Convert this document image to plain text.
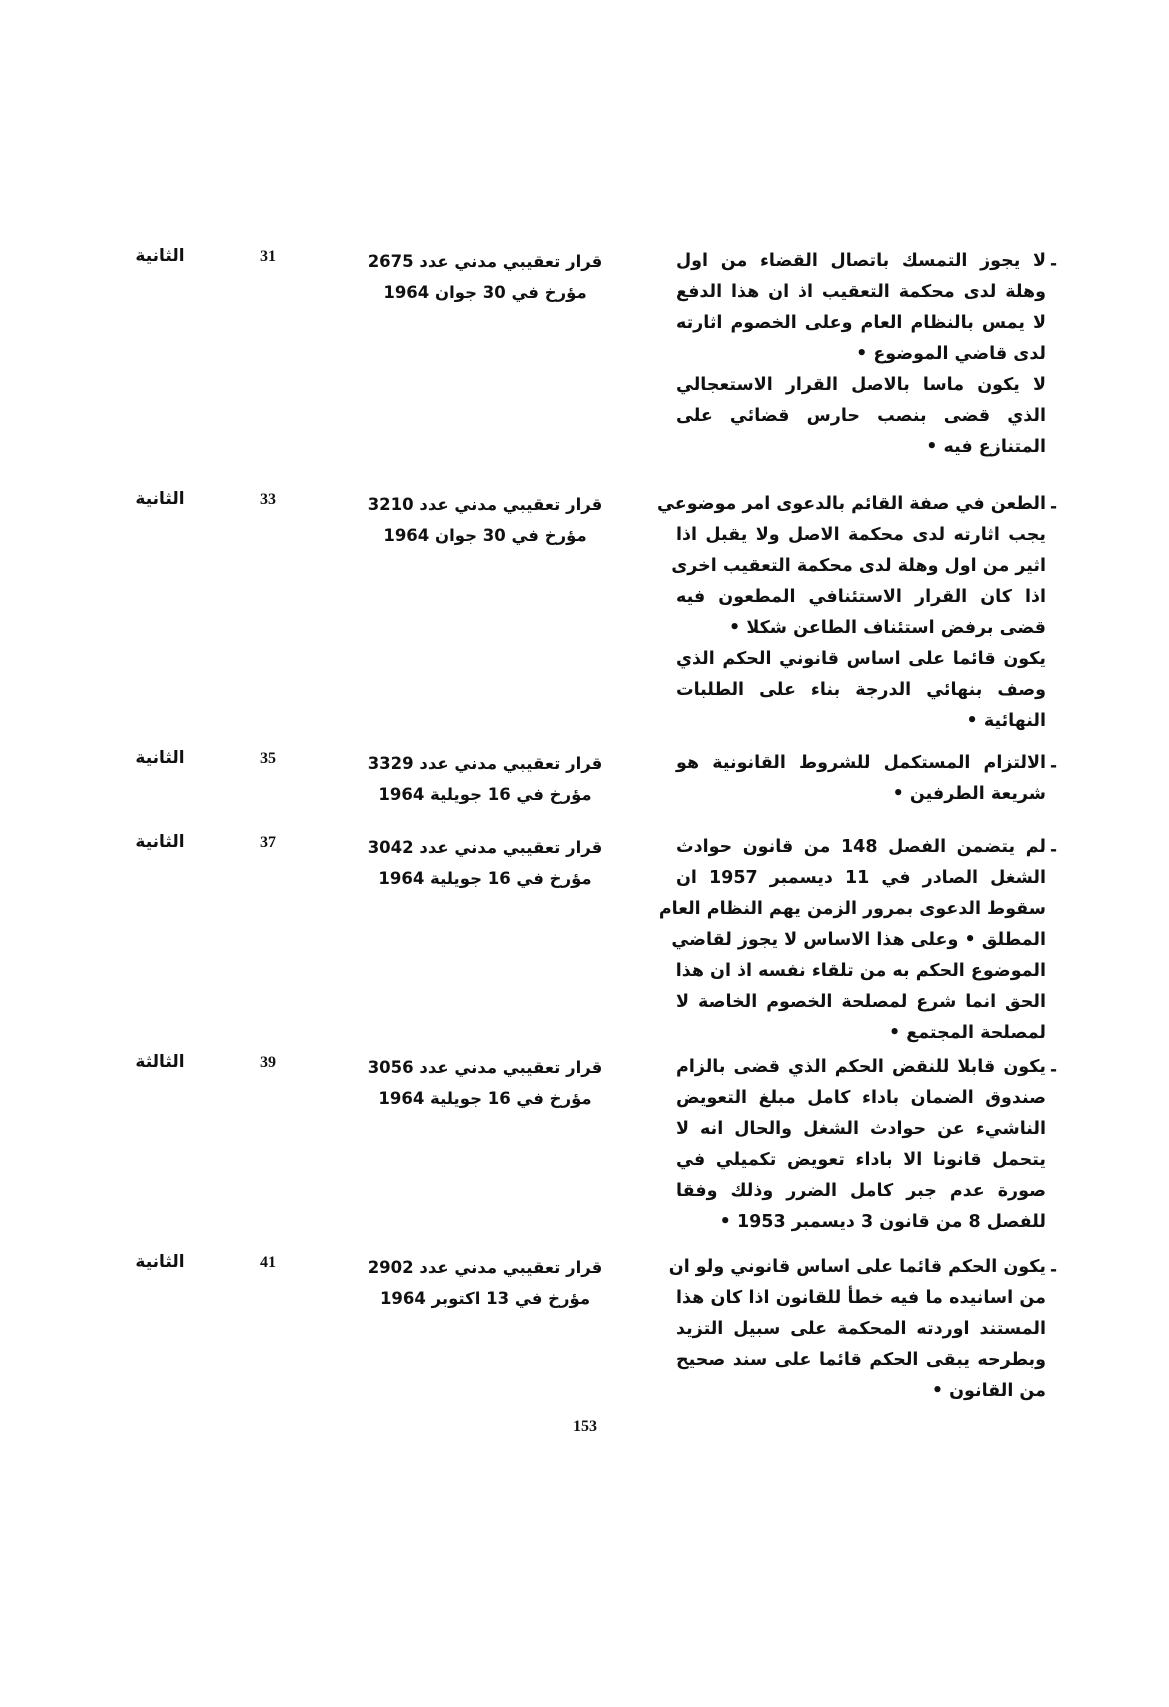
-
لا يجوز التمسك باتصال القضاء من اول
وهلة لدى محكمة التعقيب اذ ان هذا الدفع
لا يمس بالنظام العام وعلى الخصوم اثارته
لدى قاضي الموضوع •
لا يكون ماسا بالاصل القرار الاستعجالي
الذي قضى بنصب حارس قضائي على
المتنازع فيه •
قرار تعقيبي مدني عدد 2675
مؤرخ في 30 جوان 1964
31
الثانية
-
الطعن في صفة القائم بالدعوى امر موضوعي
يجب اثارته لدى محكمة الاصل ولا يقبل اذا
اثير من اول وهلة لدى محكمة التعقيب اخرى
اذا كان القرار الاستئنافي المطعون فيه
قضى برفض استئناف الطاعن شكلا •
يكون قائما على اساس قانوني الحكم الذي
وصف بنهائي الدرجة بناء على الطلبات
النهائية •
قرار تعقيبي مدني عدد 3210
مؤرخ في 30 جوان 1964
33
الثانية
-
الالتزام المستكمل للشروط القانونية هو
شريعة الطرفين •
قرار تعقيبي مدني عدد 3329
مؤرخ في 16 جويلية 1964
35
الثانية
-
لم يتضمن الفصل 148 من قانون حوادث
الشغل الصادر في 11 ديسمبر 1957 ان
سقوط الدعوى بمرور الزمن يهم النظام العام
المطلق • وعلى هذا الاساس لا يجوز لقاضي
الموضوع الحكم به من تلقاء نفسه اذ ان هذا
الحق انما شرع لمصلحة الخصوم الخاصة لا
لمصلحة المجتمع •
قرار تعقيبي مدني عدد 3042
مؤرخ في 16 جويلية 1964
37
الثانية
-
يكون قابلا للنقض الحكم الذي قضى بالزام
صندوق الضمان باداء كامل مبلغ التعويض
الناشيء عن حوادث الشغل والحال انه لا
يتحمل قانونا الا باداء تعويض تكميلي في
صورة عدم جبر كامل الضرر وذلك وفقا
للفصل 8 من قانون 3 ديسمبر 1953 •
قرار تعقيبي مدني عدد 3056
مؤرخ في 16 جويلية 1964
39
الثالثة
-
يكون الحكم قائما على اساس قانوني ولو ان
من اسانيده ما فيه خطأ للقانون اذا كان هذا
المستند اوردته المحكمة على سبيل التزيد
وبطرحه يبقى الحكم قائما على سند صحيح
من القانون •
قرار تعقيبي مدني عدد 2902
مؤرخ في 13 اكتوبر 1964
41
الثانية
153
